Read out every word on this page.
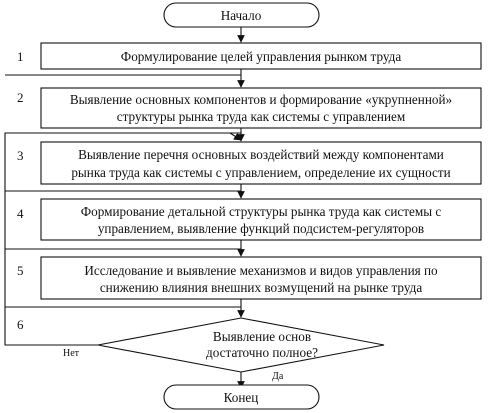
Начало
Формулирование целей управления рынком труда
1
Выявление основных компонентов и формирование «укрупненной»
структуры рынка труда как системы с управлением
2
Выявление перечня основных воздействий между компонентами
рынка труда как системы с управлением, определение их сущности
3
Формирование детальной структуры рынка труда как системы с
управлением, выявление функций подсистем-регуляторов
4
Исследование и выявление механизмов и видов управления по
снижению влияния внешних возмущений на рынке труда
5
Выявление основ
достаточно полное?
6
Нет
Да
Конец
